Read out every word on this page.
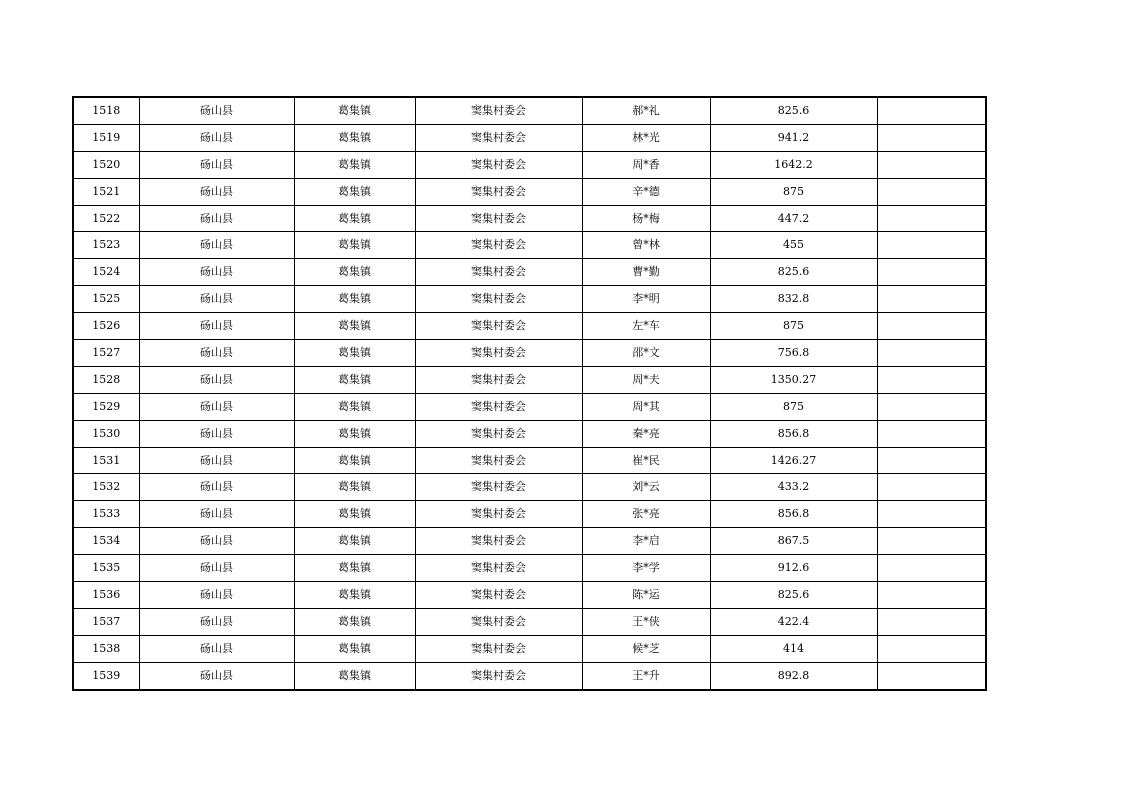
1518	砀山县	葛集镇	窦集村委会	郝*礼	825.6	
1519	砀山县	葛集镇	窦集村委会	林*光	941.2	
1520	砀山县	葛集镇	窦集村委会	周*香	1642.2	
1521	砀山县	葛集镇	窦集村委会	辛*德	875	
1522	砀山县	葛集镇	窦集村委会	杨*梅	447.2	
1523	砀山县	葛集镇	窦集村委会	曾*林	455	
1524	砀山县	葛集镇	窦集村委会	曹*勤	825.6	
1525	砀山县	葛集镇	窦集村委会	李*明	832.8	
1526	砀山县	葛集镇	窦集村委会	左*车	875	
1527	砀山县	葛集镇	窦集村委会	邵*文	756.8	
1528	砀山县	葛集镇	窦集村委会	周*夫	1350.27	
1529	砀山县	葛集镇	窦集村委会	周*其	875	
1530	砀山县	葛集镇	窦集村委会	秦*亮	856.8	
1531	砀山县	葛集镇	窦集村委会	崔*民	1426.27	
1532	砀山县	葛集镇	窦集村委会	刘*云	433.2	
1533	砀山县	葛集镇	窦集村委会	张*亮	856.8	
1534	砀山县	葛集镇	窦集村委会	李*启	867.5	
1535	砀山县	葛集镇	窦集村委会	李*学	912.6	
1536	砀山县	葛集镇	窦集村委会	陈*运	825.6	
1537	砀山县	葛集镇	窦集村委会	王*侠	422.4	
1538	砀山县	葛集镇	窦集村委会	候*芝	414	
1539	砀山县	葛集镇	窦集村委会	王*升	892.8	
